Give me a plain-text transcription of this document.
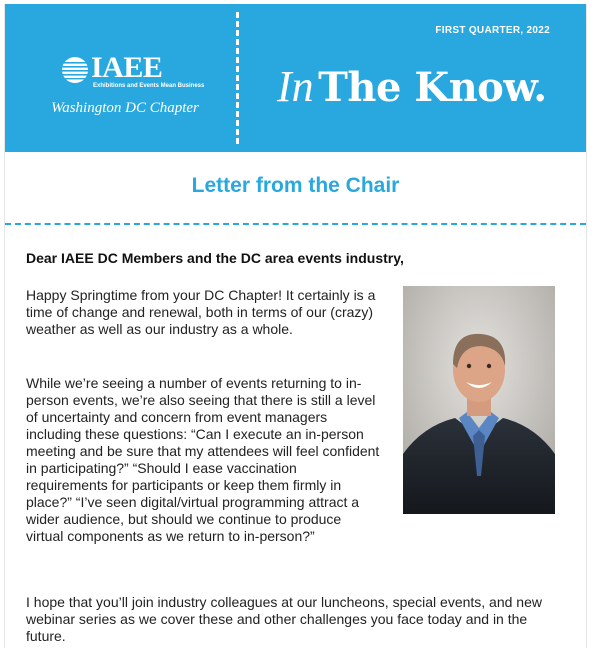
IAEE
Exhibitions and Events Mean Business
Washington DC Chapter
FIRST QUARTER, 2022
In The Know.
Letter from the Chair
Dear IAEE DC Members and the DC area events industry,

Happy Springtime from your DC Chapter! It certainly is a time of change and renewal, both in terms of our (crazy) weather as well as our industry as a whole.

While we’re seeing a number of events returning to in-person events, we’re also seeing that there is still a level of uncertainty and concern from event managers including these questions: “Can I execute an in-person meeting and be sure that my attendees will feel confident in participating?” “Should I ease vaccination requirements for participants or keep them firmly in place?” “I’ve seen digital/virtual programming attract a wider audience, but should we continue to produce virtual components as we return to in-person?”

I hope that you’ll join industry colleagues at our luncheons, special events, and new webinar series as we cover these and other challenges you face today and in the future.
